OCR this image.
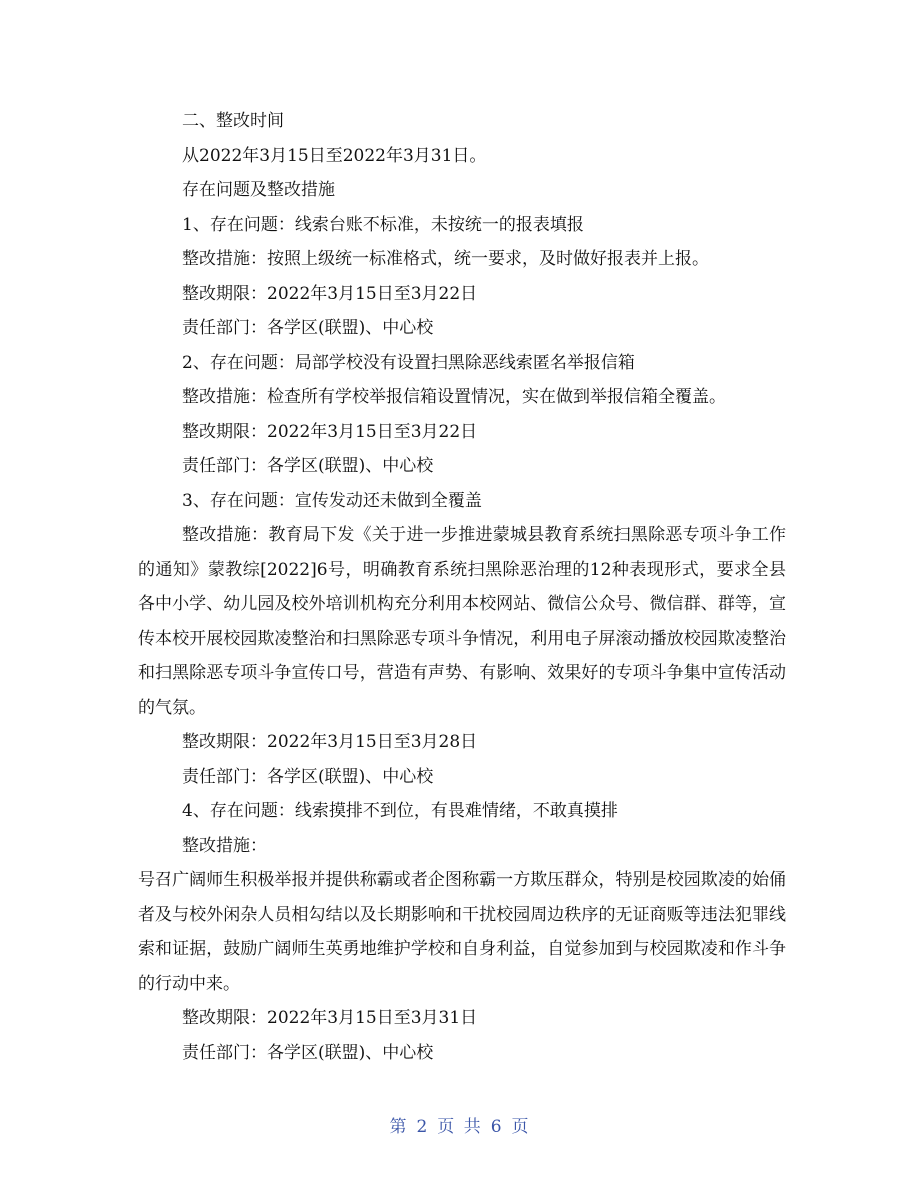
二、整改时间
从2022年3月15日至2022年3月31日。
存在问题及整改措施
1、存在问题：线索台账不标准，未按统一的报表填报
整改措施：按照上级统一标准格式，统一要求，及时做好报表并上报。
整改期限：2022年3月15日至3月22日
责任部门：各学区(联盟)、中心校
2、存在问题：局部学校没有设置扫黑除恶线索匿名举报信箱
整改措施：检查所有学校举报信箱设置情况，实在做到举报信箱全覆盖。
整改期限：2022年3月15日至3月22日
责任部门：各学区(联盟)、中心校
3、存在问题：宣传发动还未做到全覆盖
整改措施：教育局下发《关于进一步推进蒙城县教育系统扫黑除恶专项斗争工作的通知》蒙教综[2022]6号，明确教育系统扫黑除恶治理的12种表现形式，要求全县各中小学、幼儿园及校外培训机构充分利用本校网站、微信公众号、微信群、群等，宣传本校开展校园欺凌整治和扫黑除恶专项斗争情况，利用电子屏滚动播放校园欺凌整治和扫黑除恶专项斗争宣传口号，营造有声势、有影响、效果好的专项斗争集中宣传活动的气氛。
整改期限：2022年3月15日至3月28日
责任部门：各学区(联盟)、中心校
4、存在问题：线索摸排不到位，有畏难情绪，不敢真摸排
整改措施：
号召广阔师生积极举报并提供称霸或者企图称霸一方欺压群众，特别是校园欺凌的始俑者及与校外闲杂人员相勾结以及长期影响和干扰校园周边秩序的无证商贩等违法犯罪线索和证据，鼓励广阔师生英勇地维护学校和自身利益，自觉参加到与校园欺凌和作斗争的行动中来。
整改期限：2022年3月15日至3月31日
责任部门：各学区(联盟)、中心校
第 2 页 共 6 页
